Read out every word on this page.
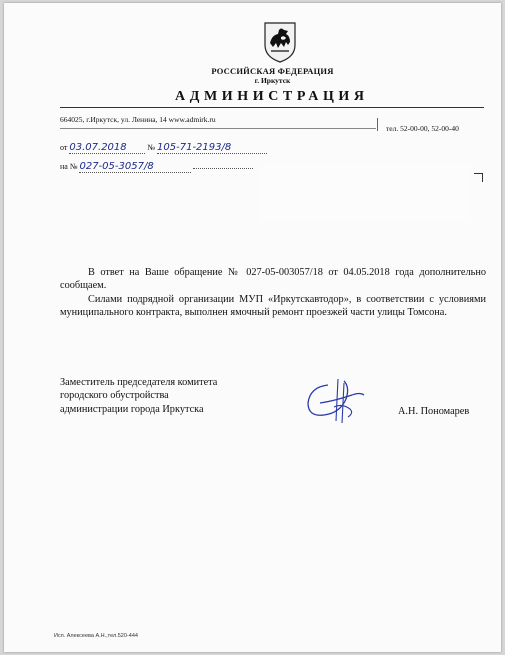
РОССИЙСКАЯ ФЕДЕРАЦИЯ
г. Иркутск
АДМИНИСТРАЦИЯ
664025, г.Иркутск, ул. Ленина, 14 www.admirk.ru
тел. 52-00-00, 52-00-40
от 03.07.2018	№ 105-71-2193/8
на № 027-05-3057/8

В ответ на Ваше обращение № 027-05-003057/18 от 04.05.2018 года дополнительно сообщаем.

Силами подрядной организации МУП «Иркутскавтодор», в соответствии с условиями муниципального контракта, выполнен ямочный ремонт проезжей части улицы Томсона.

Заместитель председателя комитета
городского обустройства
администрации города Иркутска	А.Н. Пономарев
Исп. Алексеева А.Н.,тел.520-444
